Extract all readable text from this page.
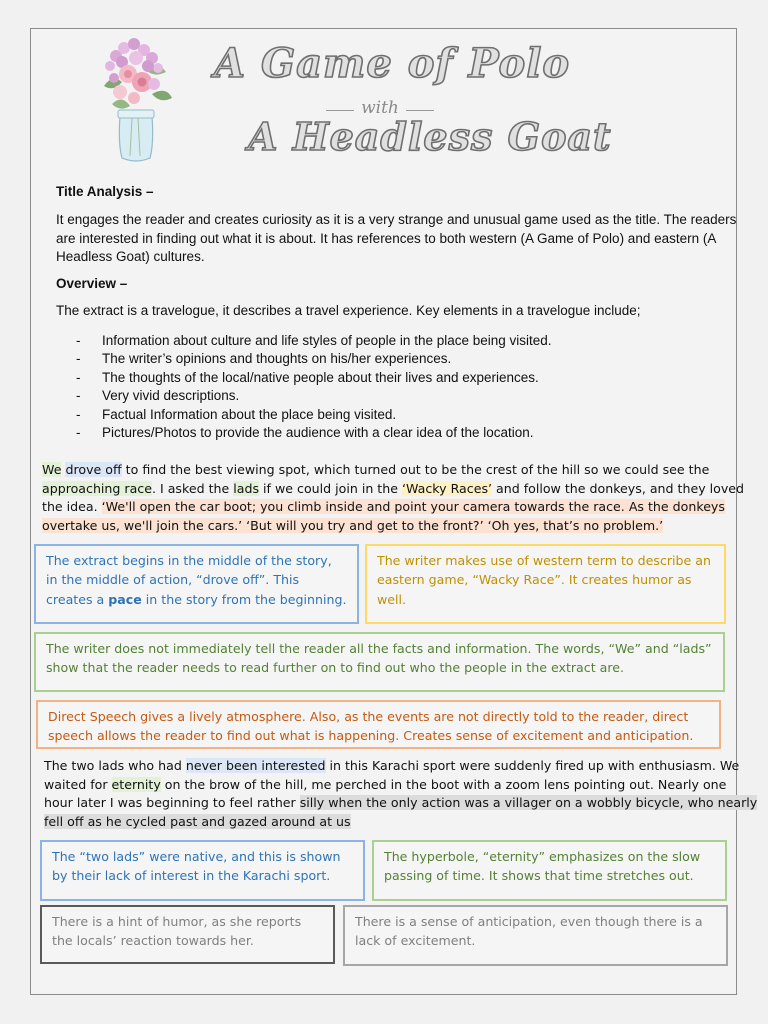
A Game of Polo
with
A Headless Goat
Title Analysis –
It engages the reader and creates curiosity as it is a very strange and unusual game used as the title. The readers
are interested in finding out what it is about. It has references to both western (A Game of Polo) and eastern (A
Headless Goat) cultures.
Overview –
The extract is a travelogue, it describes a travel experience. Key elements in a travelogue include;
- Information about culture and life styles of people in the place being visited.
- The writer’s opinions and thoughts on his/her experiences.
- The thoughts of the local/native people about their lives and experiences.
- Very vivid descriptions.
- Factual Information about the place being visited.
- Pictures/Photos to provide the audience with a clear idea of the location.
We drove off to find the best viewing spot, which turned out to be the crest of the hill so we could see the
approaching race. I asked the lads if we could join in the ‘Wacky Races’ and follow the donkeys, and they loved
the idea. ‘We'll open the car boot; you climb inside and point your camera towards the race. As the donkeys
overtake us, we'll join the cars.’ ‘But will you try and get to the front?’ ‘Oh yes, that’s no problem.’
The extract begins in the middle of the story, in the middle of action, “drove off”. This creates a pace in the story from the beginning.
The writer makes use of western term to describe an eastern game, “Wacky Race”. It creates humor as well.
The writer does not immediately tell the reader all the facts and information. The words, “We” and “lads” show that the reader needs to read further on to find out who the people in the extract are.
Direct Speech gives a lively atmosphere. Also, as the events are not directly told to the reader, direct speech allows the reader to find out what is happening. Creates sense of excitement and anticipation.
The two lads who had never been interested in this Karachi sport were suddenly fired up with enthusiasm. We
waited for eternity on the brow of the hill, me perched in the boot with a zoom lens pointing out. Nearly one
hour later I was beginning to feel rather silly when the only action was a villager on a wobbly bicycle, who nearly
fell off as he cycled past and gazed around at us
The “two lads” were native, and this is shown by their lack of interest in the Karachi sport.
The hyperbole, “eternity” emphasizes on the slow passing of time. It shows that time stretches out.
There is a hint of humor, as she reports the locals’ reaction towards her.
There is a sense of anticipation, even though there is a lack of excitement.
